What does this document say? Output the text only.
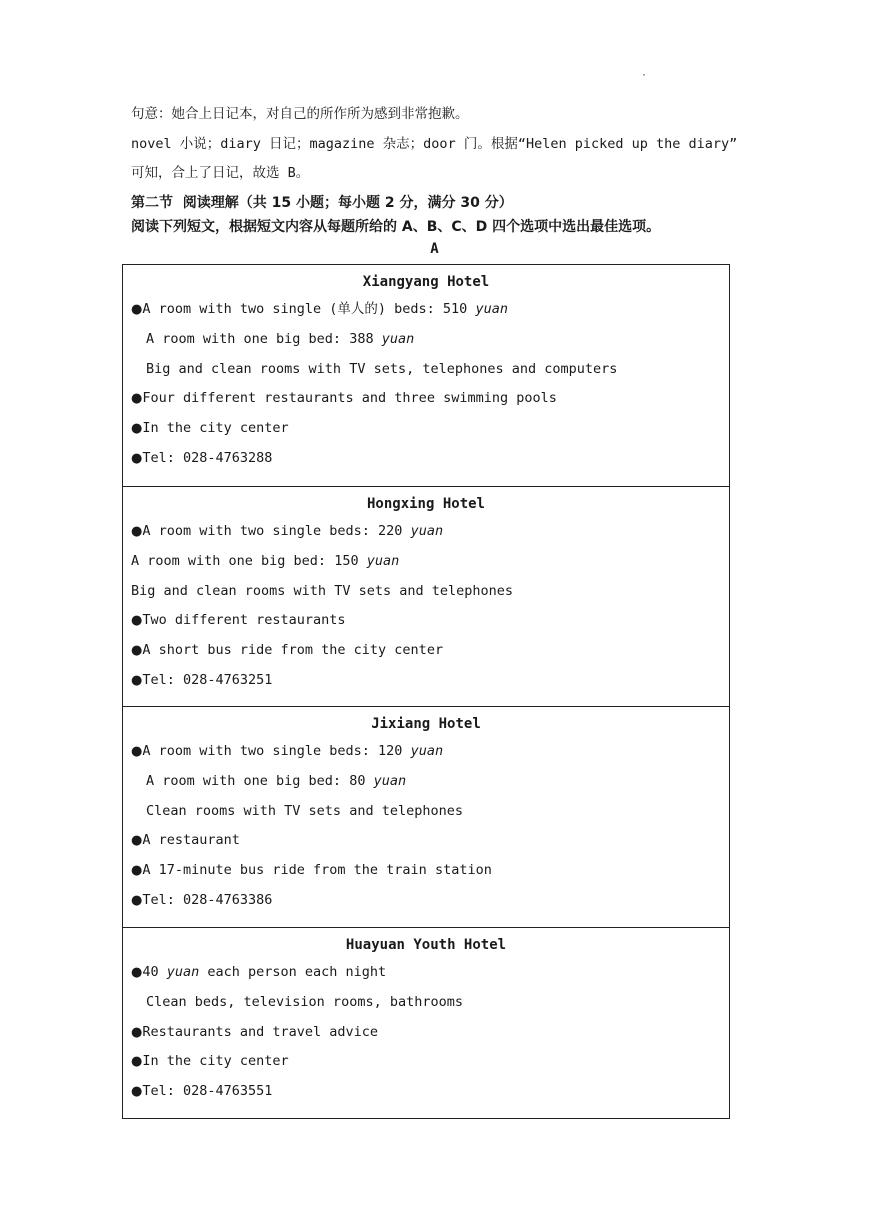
·
句意：她合上日记本，对自己的所作所为感到非常抱歉。
novel 小说；diary 日记；magazine 杂志；door 门。根据“Helen picked up the diary”
可知，合上了日记，故选 B。
第二节  阅读理解（共 15 小题；每小题 2 分，满分 30 分）
阅读下列短文，根据短文内容从每题所给的 A、B、C、D 四个选项中选出最佳选项。
A
Xiangyang Hotel
●A room with two single (单人的) beds: 510 yuan
A room with one big bed: 388 yuan
Big and clean rooms with TV sets, telephones and computers
●Four different restaurants and three swimming pools
●In the city center
●Tel: 028-4763288
Hongxing Hotel
●A room with two single beds: 220 yuan
A room with one big bed: 150 yuan
Big and clean rooms with TV sets and telephones
●Two different restaurants
●A short bus ride from the city center
●Tel: 028-4763251
Jixiang Hotel
●A room with two single beds: 120 yuan
A room with one big bed: 80 yuan
Clean rooms with TV sets and telephones
●A restaurant
●A 17-minute bus ride from the train station
●Tel: 028-4763386
Huayuan Youth Hotel
●40 yuan each person each night
Clean beds, television rooms, bathrooms
●Restaurants and travel advice
●In the city center
●Tel: 028-4763551
